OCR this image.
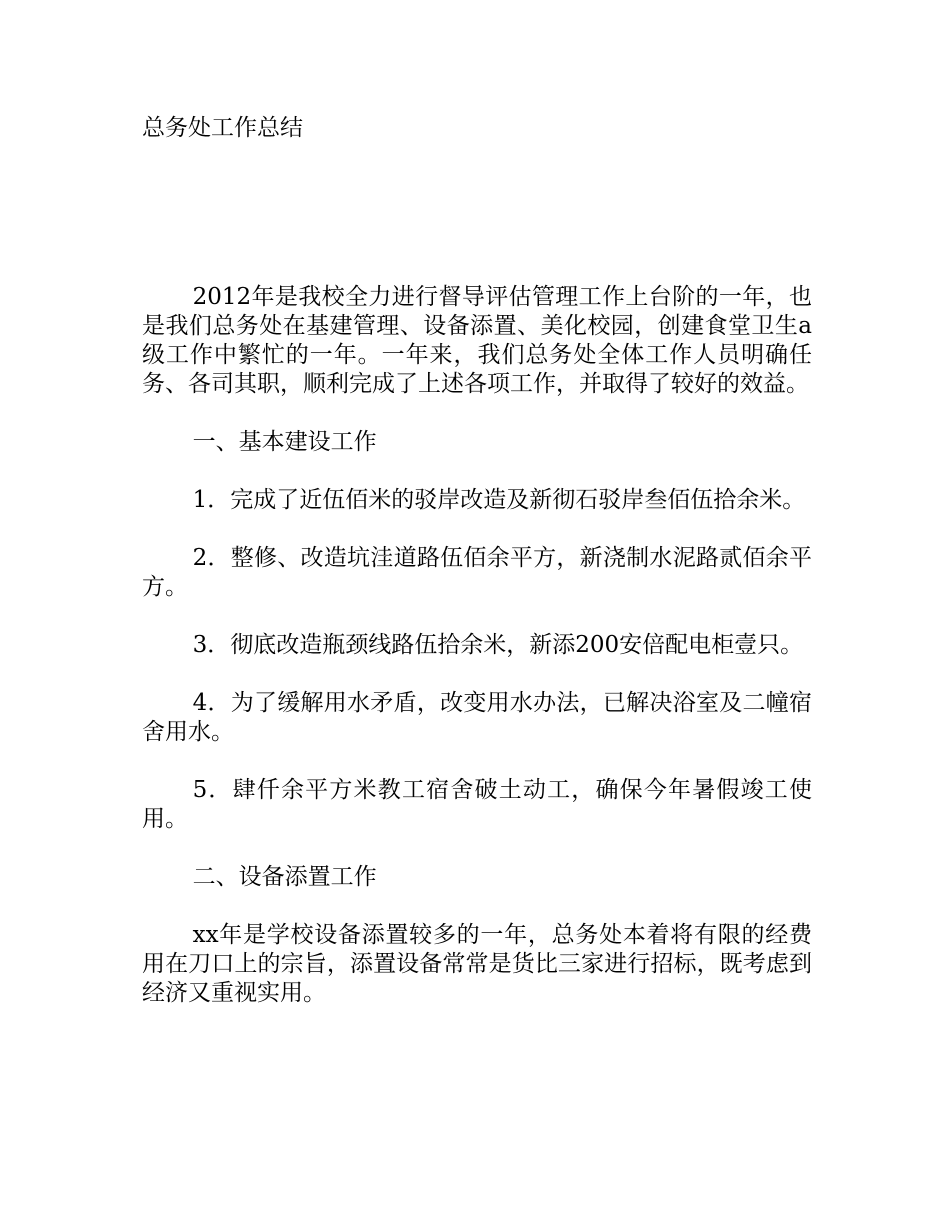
总务处工作总结

2012年是我校全力进行督导评估管理工作上台阶的一年，也是我们总务处在基建管理、设备添置、美化校园，创建食堂卫生a级工作中繁忙的一年。一年来，我们总务处全体工作人员明确任务、各司其职，顺利完成了上述各项工作，并取得了较好的效益。

一、基本建设工作

1．完成了近伍佰米的驳岸改造及新彻石驳岸叁佰伍拾余米。

2．整修、改造坑洼道路伍佰余平方，新浇制水泥路贰佰余平方。

3．彻底改造瓶颈线路伍拾余米，新添200安倍配电柜壹只。

4．为了缓解用水矛盾，改变用水办法，已解决浴室及二幢宿舍用水。

5．肆仟余平方米教工宿舍破土动工，确保今年暑假竣工使用。

二、设备添置工作

xx年是学校设备添置较多的一年，总务处本着将有限的经费用在刀口上的宗旨，添置设备常常是货比三家进行招标，既考虑到经济又重视实用。
